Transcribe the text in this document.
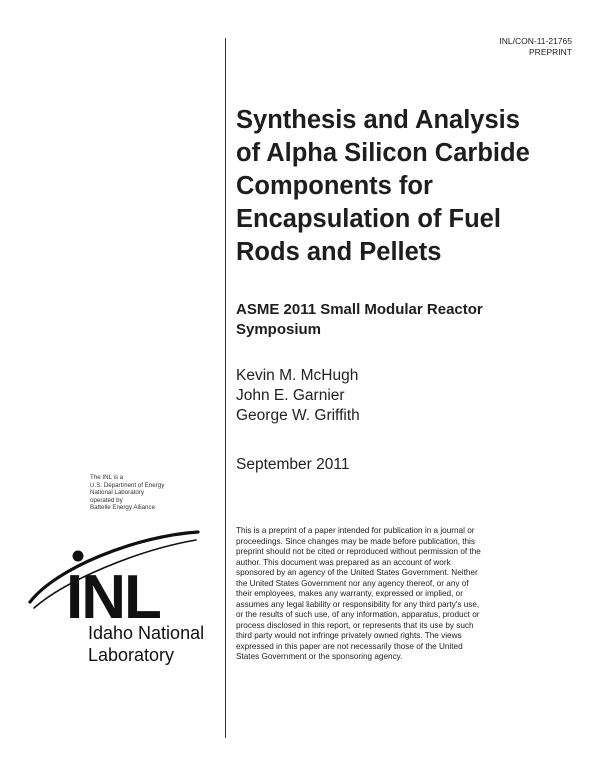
INL/CON-11-21765
PREPRINT
Synthesis and Analysis
of Alpha Silicon Carbide
Components for
Encapsulation of Fuel
Rods and Pellets
ASME 2011 Small Modular Reactor
Symposium
Kevin M. McHugh
John E. Garnier
George W. Griffith
September 2011
This is a preprint of a paper intended for publication in a journal or
proceedings. Since changes may be made before publication, this
preprint should not be cited or reproduced without permission of the
author. This document was prepared as an account of work
sponsored by an agency of the United States Government. Neither
the United States Government nor any agency thereof, or any of
their employees, makes any warranty, expressed or implied, or
assumes any legal liability or responsibility for any third party's use,
or the results of such use, of any information, apparatus, product or
process disclosed in this report, or represents that its use by such
third party would not infringe privately owned rights. The views
expressed in this paper are not necessarily those of the United
States Government or the sponsoring agency.
The INL is a
U.S. Department of Energy
National Laboratory
operated by
Battelle Energy Alliance
INL
Idaho National
Laboratory
